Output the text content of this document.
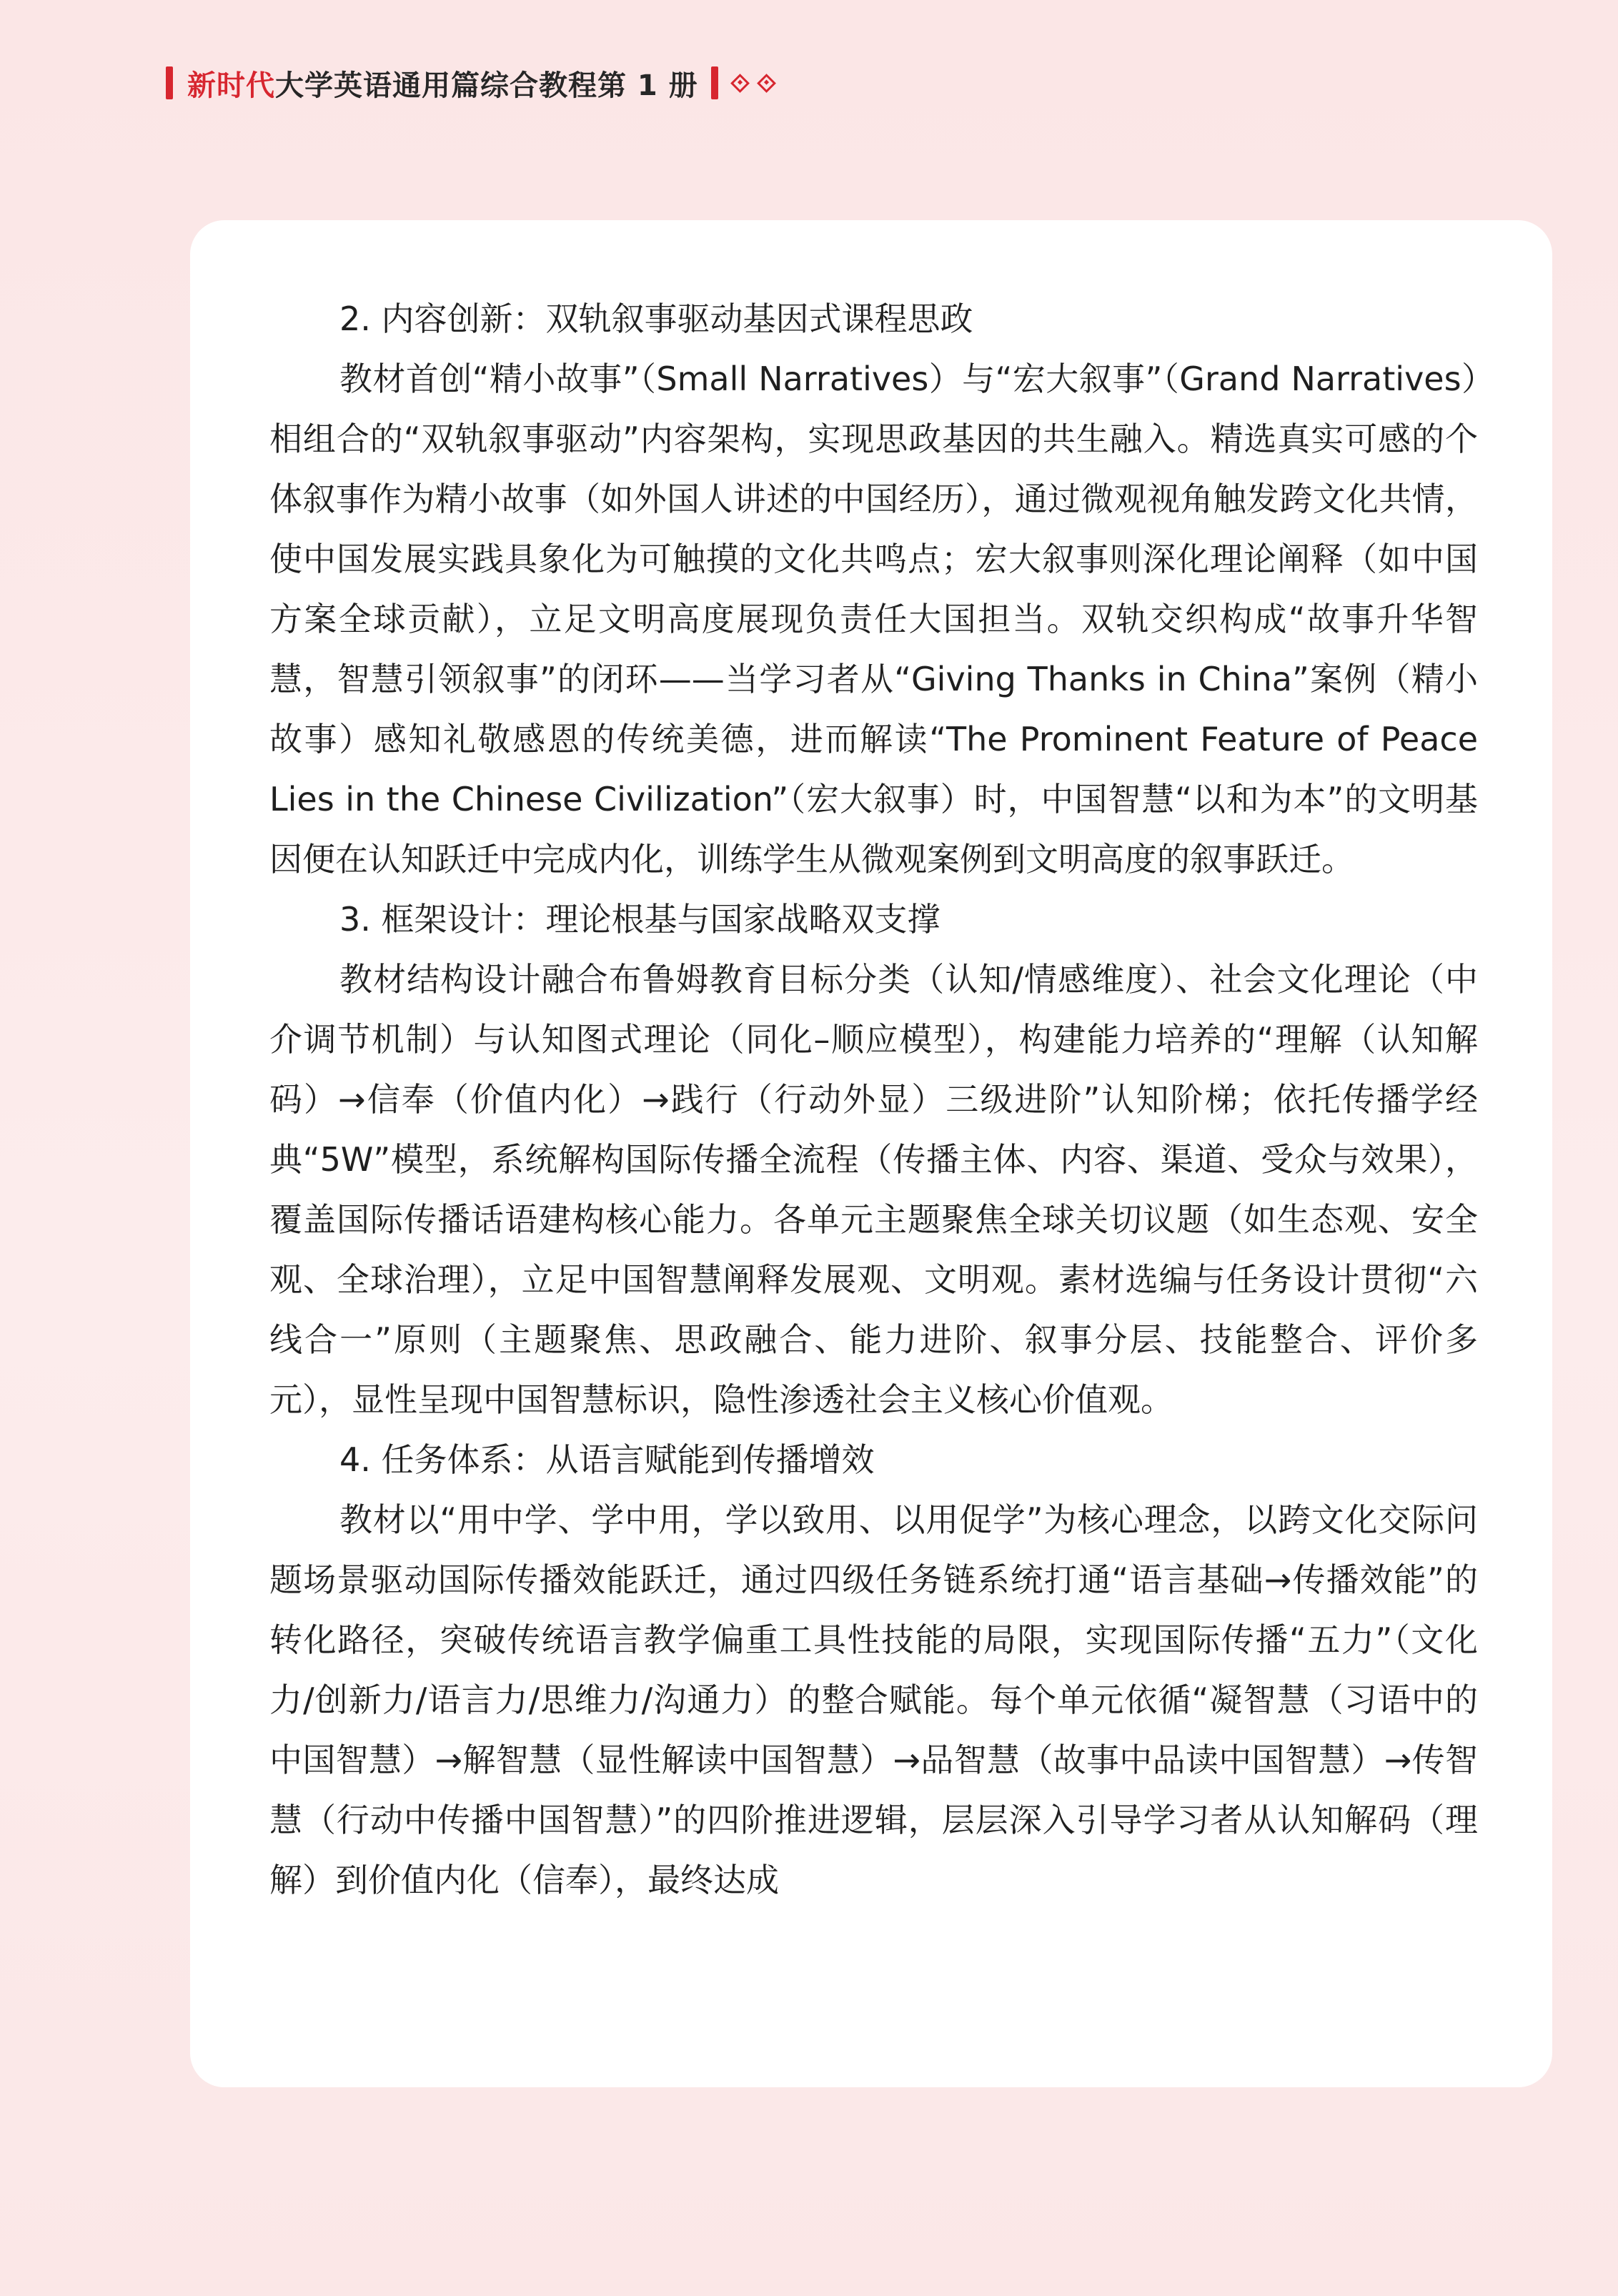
新时代 大学英语通用篇综合教程第 1 册
2. 内容创新：双轨叙事驱动基因式课程思政

教材首创“精小故事”（Small Narratives）与“宏大叙事”（Grand Narratives）相组合的“双轨叙事驱动”内容架构，实现思政基因的共生融入。精选真实可感的个体叙事作为精小故事（如外国人讲述的中国经历），通过微观视角触发跨文化共情，使中国发展实践具象化为可触摸的文化共鸣点；宏大叙事则深化理论阐释（如中国方案全球贡献），立足文明高度展现负责任大国担当。双轨交织构成“故事升华智慧，智慧引领叙事”的闭环——当学习者从“Giving Thanks in China”案例（精小故事）感知礼敬感恩的传统美德，进而解读“The Prominent Feature of Peace Lies in the Chinese Civilization”（宏大叙事）时，中国智慧“以和为本”的文明基因便在认知跃迁中完成内化，训练学生从微观案例到文明高度的叙事跃迁。

3. 框架设计：理论根基与国家战略双支撑

教材结构设计融合布鲁姆教育目标分类（认知/情感维度）、社会文化理论（中介调节机制）与认知图式理论（同化–顺应模型），构建能力培养的“理解（认知解码）→信奉（价值内化）→践行（行动外显）三级进阶”认知阶梯；依托传播学经典“5W”模型，系统解构国际传播全流程（传播主体、内容、渠道、受众与效果），覆盖国际传播话语建构核心能力。各单元主题聚焦全球关切议题（如生态观、安全观、全球治理），立足中国智慧阐释发展观、文明观。素材选编与任务设计贯彻“六线合一”原则（主题聚焦、思政融合、能力进阶、叙事分层、技能整合、评价多元），显性呈现中国智慧标识，隐性渗透社会主义核心价值观。

4. 任务体系：从语言赋能到传播增效

教材以“用中学、学中用，学以致用、以用促学”为核心理念，以跨文化交际问题场景驱动国际传播效能跃迁，通过四级任务链系统打通“语言基础→传播效能”的转化路径，突破传统语言教学偏重工具性技能的局限，实现国际传播“五力”（文化力/创新力/语言力/思维力/沟通力）的整合赋能。每个单元依循“凝智慧（习语中的中国智慧）→解智慧（显性解读中国智慧）→品智慧（故事中品读中国智慧）→传智慧（行动中传播中国智慧）”的四阶推进逻辑，层层深入引导学习者从认知解码（理解）到价值内化（信奉），最终达成
